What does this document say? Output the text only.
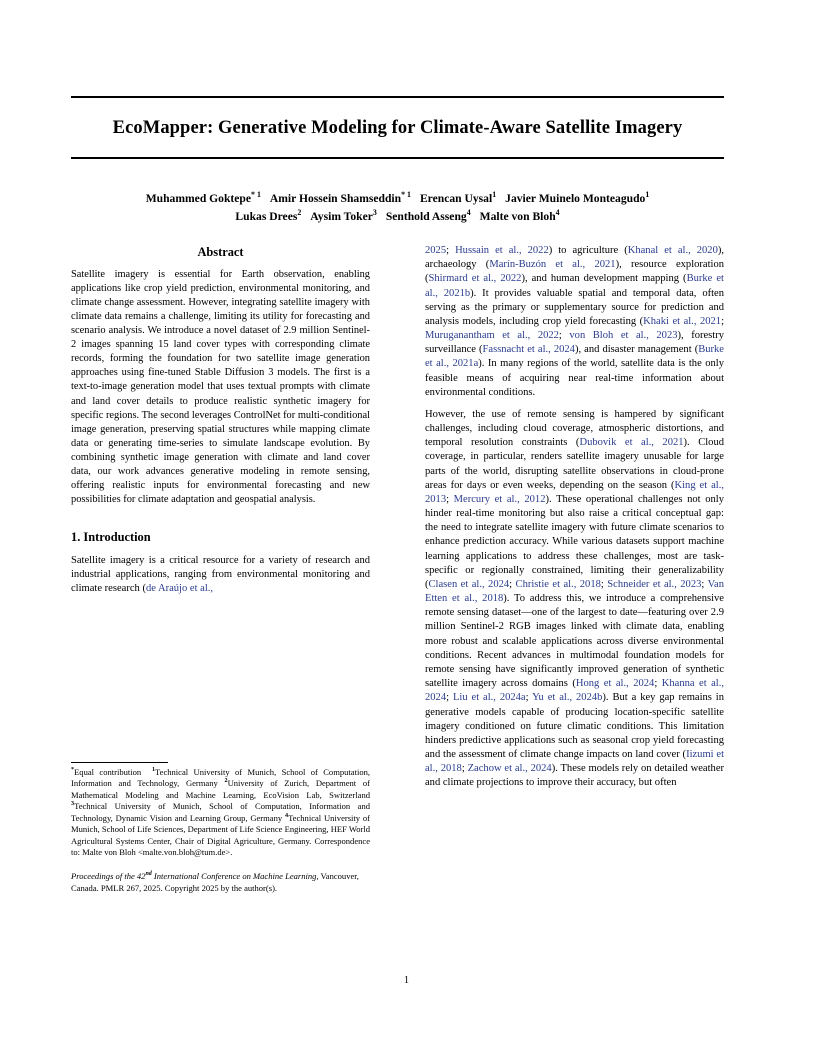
EcoMapper: Generative Modeling for Climate-Aware Satellite Imagery
Muhammed Goktepe$^{* 1}$ Amir Hossein Shamseddin$^{* 1}$ Erencan Uysal$^1$ Javier Muinelo Monteagudo$^1$
Lukas Drees$^2$ Aysim Toker$^3$ Senthold Asseng$^4$ Malte von Bloh$^4$
Abstract

Satellite imagery is essential for Earth observation, enabling applications like crop yield prediction, environmental monitoring, and climate change assessment. However, integrating satellite imagery with climate data remains a challenge, limiting its utility for forecasting and scenario analysis. We introduce a novel dataset of 2.9 million Sentinel-2 images spanning 15 land cover types with corresponding climate records, forming the foundation for two satellite image generation approaches using fine-tuned Stable Diffusion 3 models. The first is a text-to-image generation model that uses textual prompts with climate and land cover details to produce realistic synthetic imagery for specific regions. The second leverages ControlNet for multi-conditional image generation, preserving spatial structures while mapping climate data or generating time-series to simulate landscape evolution. By combining synthetic image generation with climate and land cover data, our work advances generative modeling in remote sensing, offering realistic inputs for environmental forecasting and new possibilities for climate adaptation and geospatial analysis.

1. Introduction

Satellite imagery is a critical resource for a variety of research and industrial applications, ranging from environmental monitoring and climate research (de Araújo et al.,

2025; Hussain et al., 2022) to agriculture (Khanal et al., 2020), archaeology (Marín-Buzón et al., 2021), resource exploration (Shirmard et al., 2022), and human development mapping (Burke et al., 2021b). It provides valuable spatial and temporal data, often serving as the primary or supplementary source for prediction and analysis models, including crop yield forecasting (Khaki et al., 2021; Muruganantham et al., 2022; von Bloh et al., 2023), forestry surveillance (Fassnacht et al., 2024), and disaster management (Burke et al., 2021a). In many regions of the world, satellite data is the only feasible means of acquiring near real-time information about environmental conditions.

However, the use of remote sensing is hampered by significant challenges, including cloud coverage, atmospheric distortions, and temporal resolution constraints (Dubovik et al., 2021). Cloud coverage, in particular, renders satellite imagery unusable for large parts of the world, disrupting satellite observations in cloud-prone areas for days or even weeks, depending on the season (King et al., 2013; Mercury et al., 2012). These operational challenges not only hinder real-time monitoring but also raise a critical conceptual gap: the need to integrate satellite imagery with future climate scenarios to enhance prediction accuracy. While various datasets support machine learning applications to address these challenges, most are task-specific or regionally constrained, limiting their generalizability (Clasen et al., 2024; Christie et al., 2018; Schneider et al., 2023; Van Etten et al., 2018). To address this, we introduce a comprehensive remote sensing dataset—one of the largest to date—featuring over 2.9 million Sentinel-2 RGB images linked with climate data, enabling more robust and scalable applications across diverse environmental conditions. Recent advances in multimodal foundation models for remote sensing have significantly improved generation of synthetic satellite imagery across domains (Hong et al., 2024; Khanna et al., 2024; Liu et al., 2024a; Yu et al., 2024b). But a key gap remains in generative models capable of producing location-specific satellite imagery conditioned on future climatic conditions. This limitation hinders predictive applications such as seasonal crop yield forecasting and the assessment of climate change impacts on land cover (Iizumi et al., 2018; Zachow et al., 2024). These models rely on detailed weather and climate projections to improve their accuracy, but often

*Equal contribution $^1$Technical University of Munich, School of Computation, Information and Technology, Germany $^2$University of Zurich, Department of Mathematical Modeling and Machine Learning, EcoVision Lab, Switzerland $^3$Technical University of Munich, School of Computation, Information and Technology, Dynamic Vision and Learning Group, Germany $^4$Technical University of Munich, School of Life Sciences, Department of Life Science Engineering, HEF World Agricultural Systems Center, Chair of Digital Agriculture, Germany. Correspondence to: Malte von Bloh <malte.von.bloh@tum.de>.

Proceedings of the 42nd International Conference on Machine Learning, Vancouver, Canada. PMLR 267, 2025. Copyright 2025 by the author(s).

1
